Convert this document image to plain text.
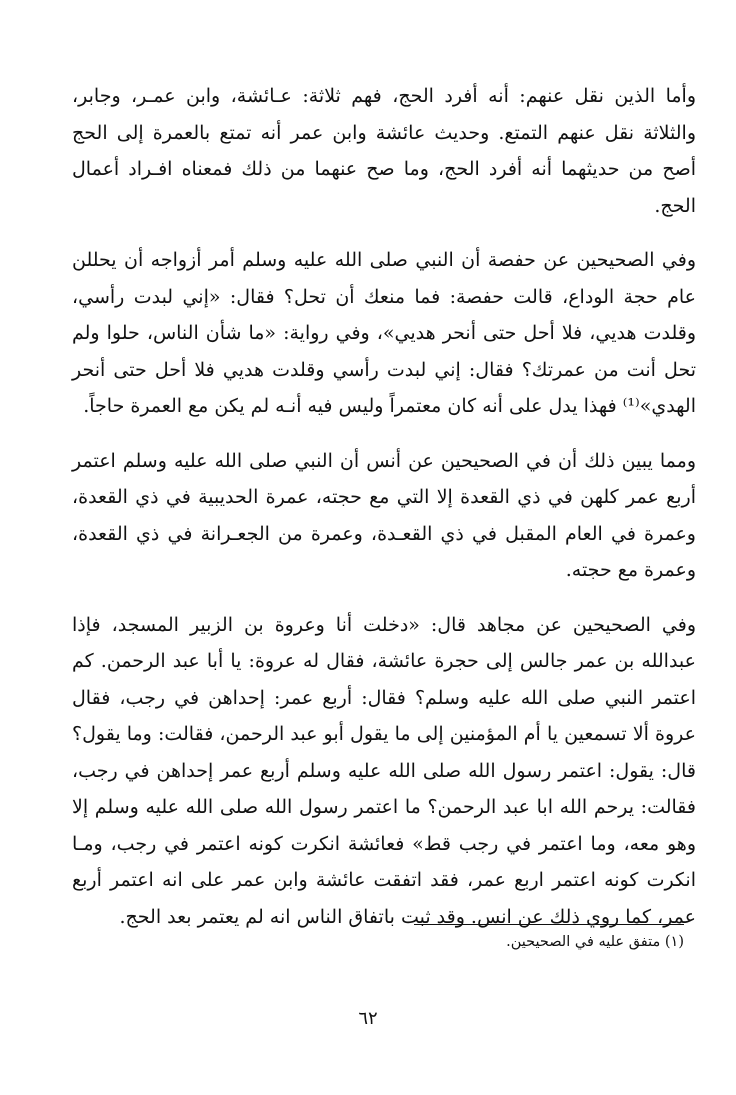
وأما الذين نقل عنهم: أنه أفرد الحج، فهم ثلاثة: عـائشة، وابن عمـر، وجابر، والثلاثة نقل عنهم التمتع. وحديث عائشة وابن عمر أنه تمتع بالعمرة إلى الحج أصح من حديثهما أنه أفرد الحج، وما صح عنهما من ذلك فمعناه افـراد أعمال الحج.

وفي الصحيحين عن حفصة أن النبي صلى الله عليه وسلم أمر أزواجه أن يحللن عام حجة الوداع، قالت حفصة: فما منعك أن تحل؟ فقال: «إني لبدت رأسي، وقلدت هديي، فلا أحل حتى أنحر هديي»، وفي رواية: «ما شأن الناس، حلوا ولم تحل أنت من عمرتك؟ فقال: إني لبدت رأسي وقلدت هديي فلا أحل حتى أنحر الهدي»⁽¹⁾ فهذا يدل على أنه كان معتمراً وليس فيه أنـه لم يكن مع العمرة حاجاً.

ومما يبين ذلك أن في الصحيحين عن أنس أن النبي صلى الله عليه وسلم اعتمر أربع عمر كلهن في ذي القعدة إلا التي مع حجته، عمرة الحديبية في ذي القعدة، وعمرة في العام المقبل في ذي القعـدة، وعمرة من الجعـرانة في ذي القعدة، وعمرة مع حجته.

وفي الصحيحين عن مجاهد قال: «دخلت أنا وعروة بن الزبير المسجد، فإذا عبدالله بن عمر جالس إلى حجرة عائشة، فقال له عروة: يا أبا عبد الرحمن. كم اعتمر النبي صلى الله عليه وسلم؟ فقال: أربع عمر: إحداهن في رجب، فقال عروة ألا تسمعين يا أم المؤمنين إلى ما يقول أبو عبد الرحمن، فقالت: وما يقول؟ قال: يقول: اعتمر رسول الله صلى الله عليه وسلم أربع عمر إحداهن في رجب، فقالت: يرحم الله ابا عبد الرحمن؟ ما اعتمر رسول الله صلى الله عليه وسلم إلا وهو معه، وما اعتمر في رجب قط» فعائشة انكرت كونه اعتمر في رجب، ومـا انكرت كونه اعتمر اربع عمر، فقد اتفقت عائشة وابن عمر على انه اعتمر أربع عمر، كما روي ذلك عن انس. وقد ثبت باتفاق الناس انه لم يعتمر بعد الحج.

(١) متفق عليه في الصحيحين.
٦٢
